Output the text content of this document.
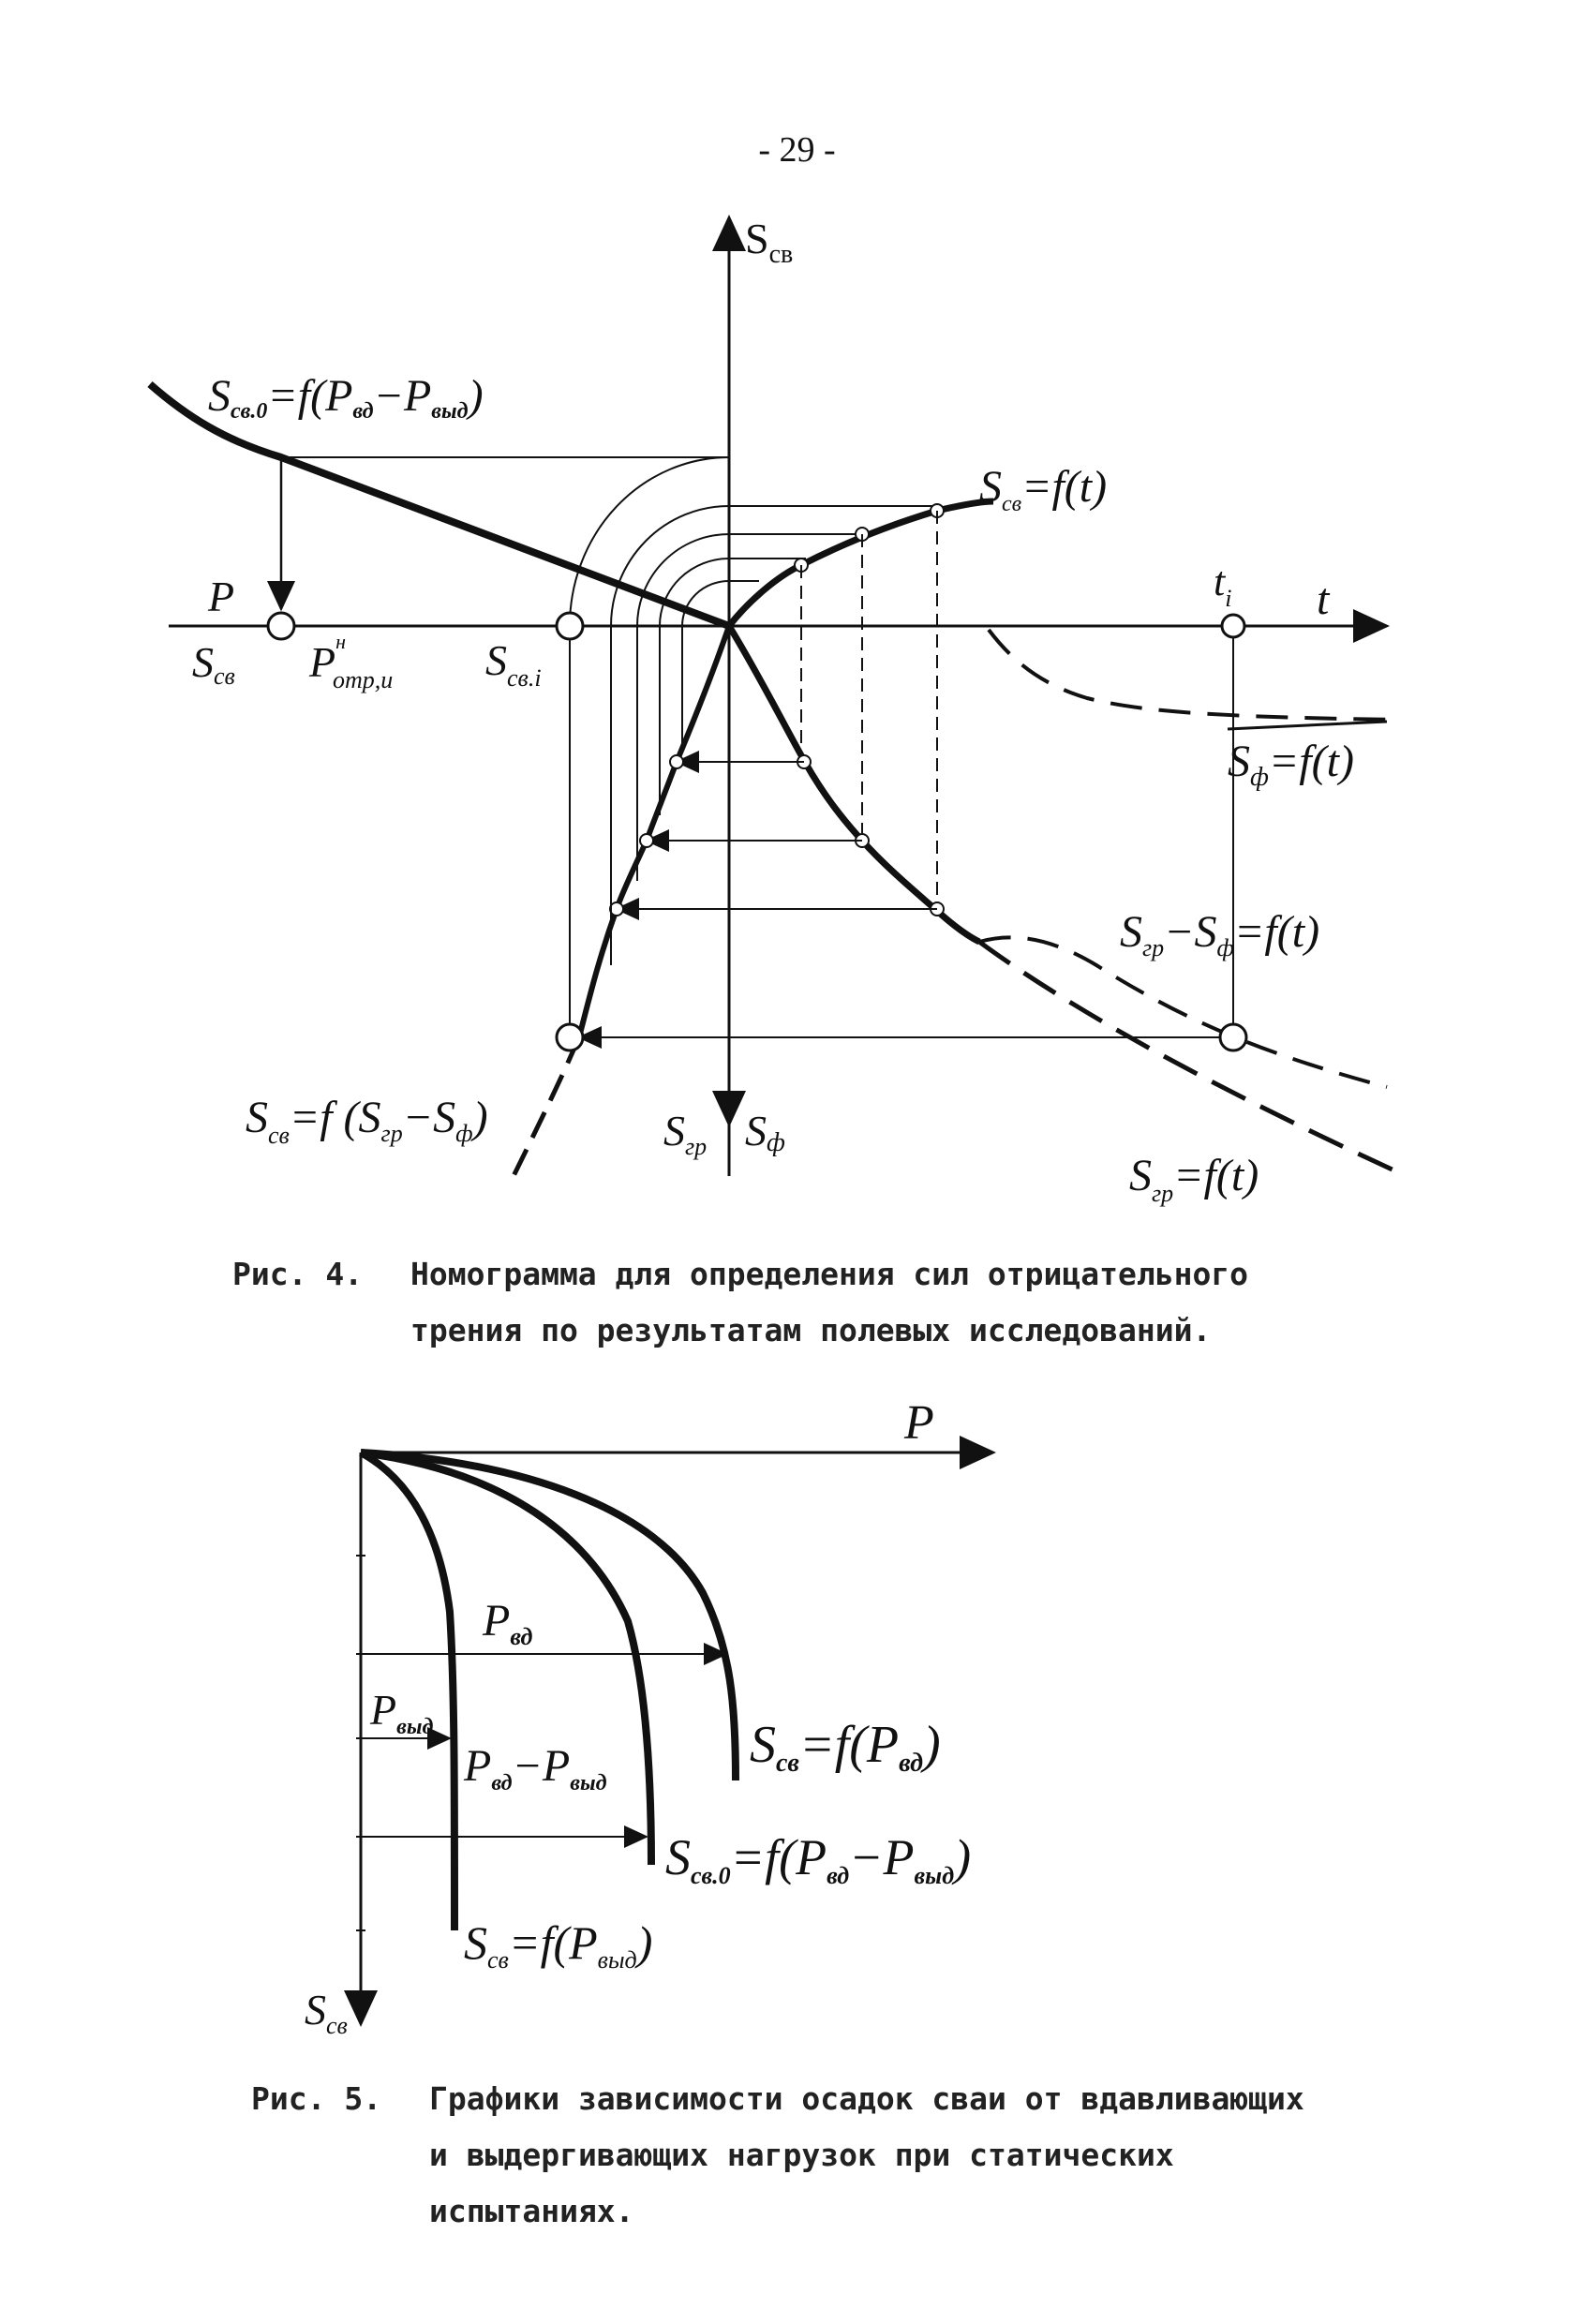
- 29 -
$S_{св}$
t
$t_i$
P
Sсв $P^н$ отр,u $S_{св.i}$
$S_{гр}$ Sф
Sсв.0=f(Pвд−Pвыд)
$S_{св}=f(t)$
$S_ф=f(t)$
$S_{гр}-S_ф=f(t)$
$S_{св}=f$ $(S_{гр}-S_ф)$
$S_{гр}=f(t)$
Рис. 4. Номограмма для определения сил отрицательного
трения по результатам полевых исследований.
P
$S_{св}$
$P_{вд}$
$P_{выд}$
$P_{вд}-P_{выд}$
Sсв=f(Pвд)
Sсв.0=f(Pвд−Pвыд)
$S_{св}=f(P_{выд})$
Рис. 5. Графики зависимости осадок сваи от вдавливающих
и выдергивающих нагрузок при статических
испытаниях.
